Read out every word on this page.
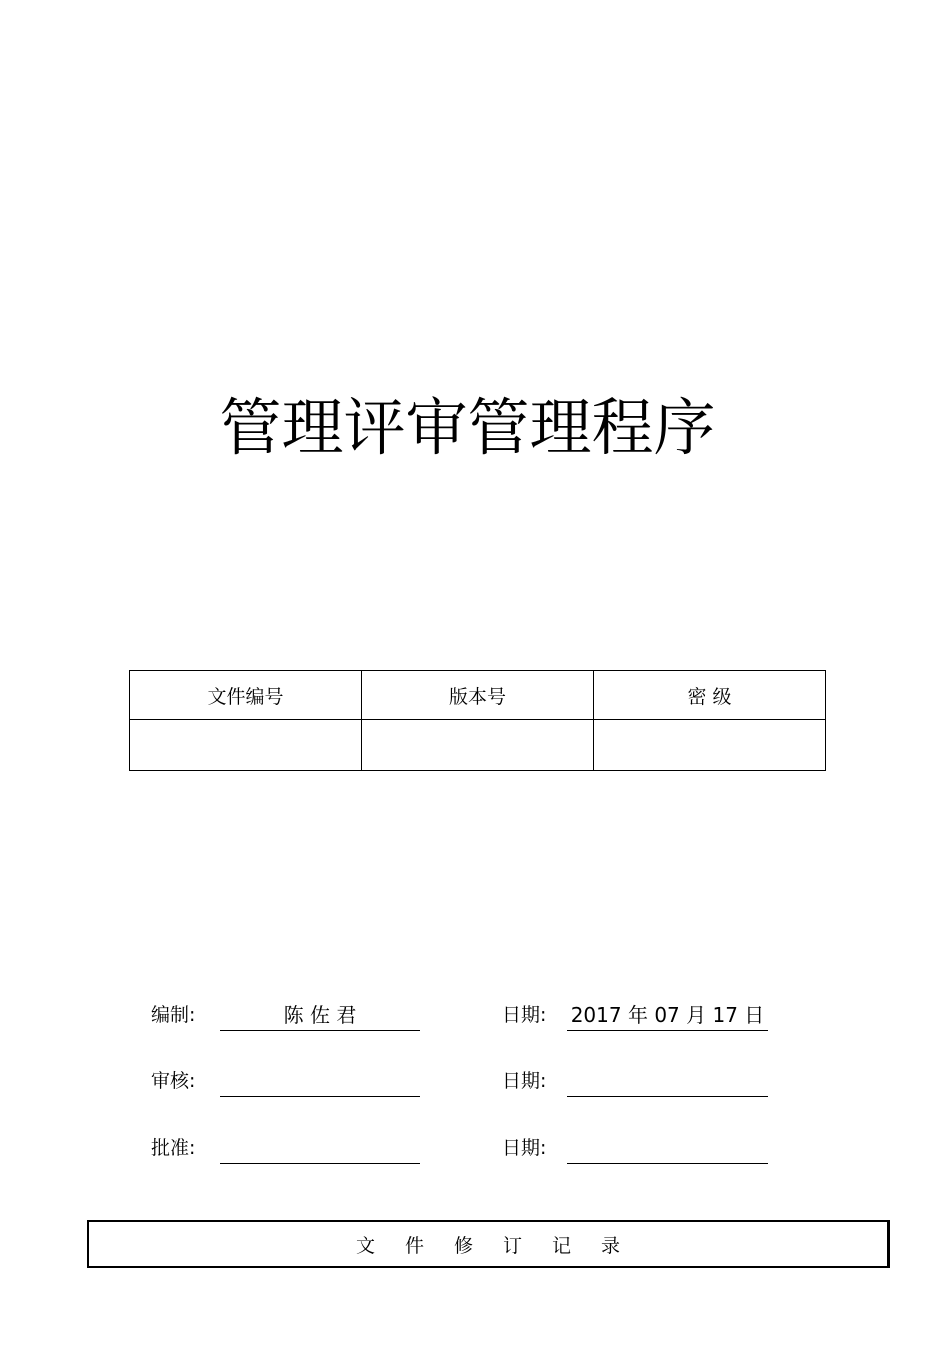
管理评审管理程序
文件编号	版本号	密 级

编制:	陈 佐 君	日期: 2017 年 07 月 17 日
审核:	日期:
批准:	日期:
文件修订记录
